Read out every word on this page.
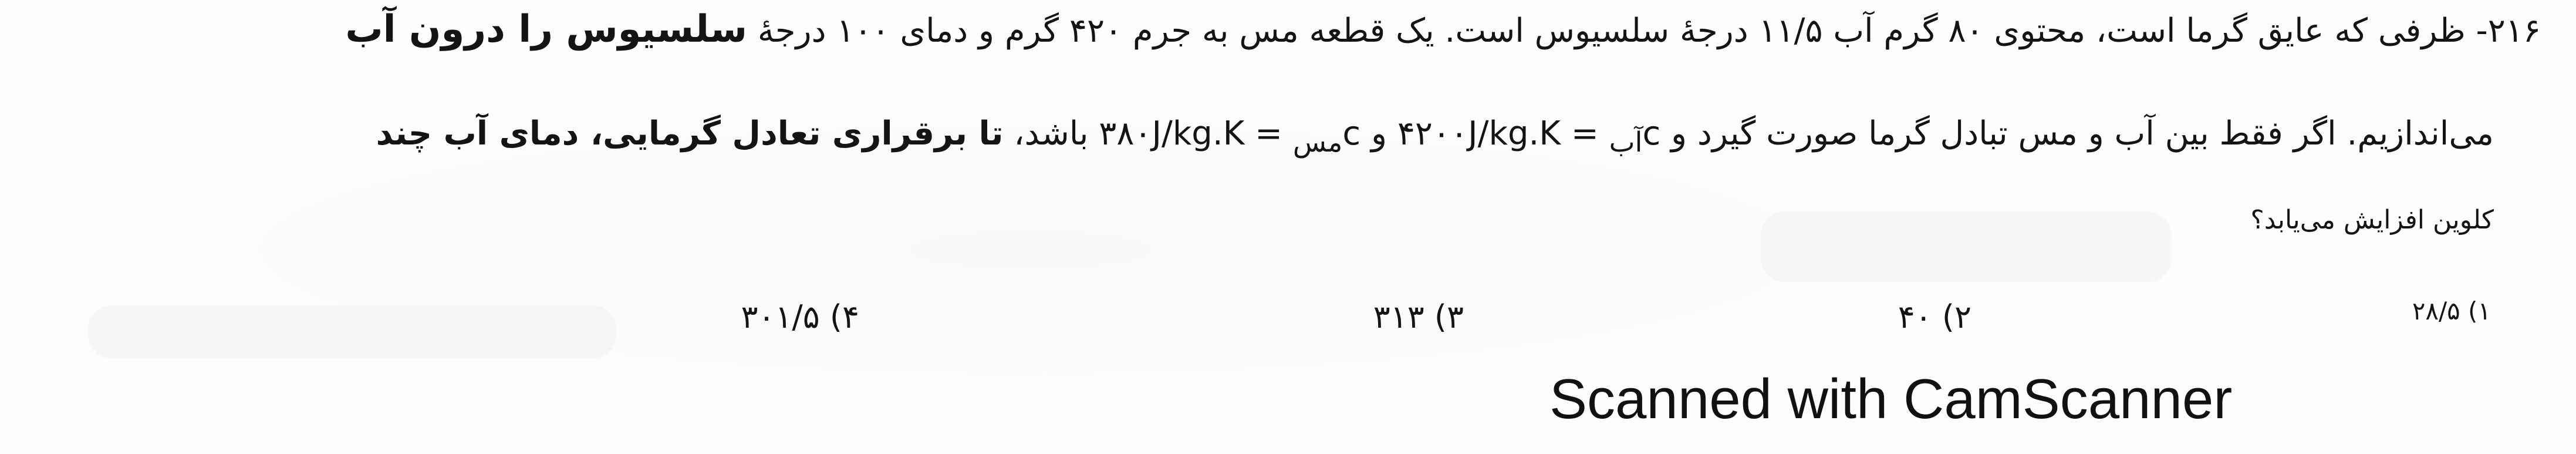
۲۱۶- ظرفی که عایق گرما است، محتوی ۸۰ گرم آب ۱۱/۵ درجهٔ سلسیوس است. یک قطعه مس به جرم ۴۲۰ گرم و دمای ۱۰۰ درجهٔ سلسیوس را درون آب
می‌اندازیم. اگر فقط بین آب و مس تبادل گرما صورت گیرد و $c_{آب}$ = ۴۲۰۰J/kg.K و $c_{مس}$ = ۳۸۰J/kg.K باشد، تا برقراری تعادل گرمایی، دمای آب چند
کلوین افزایش می‌یابد؟
۲۸/۵ (۱
۴۰ (۲
۳۱۳ (۳
۳۰۱/۵ (۴
Scanned with CamScanner
